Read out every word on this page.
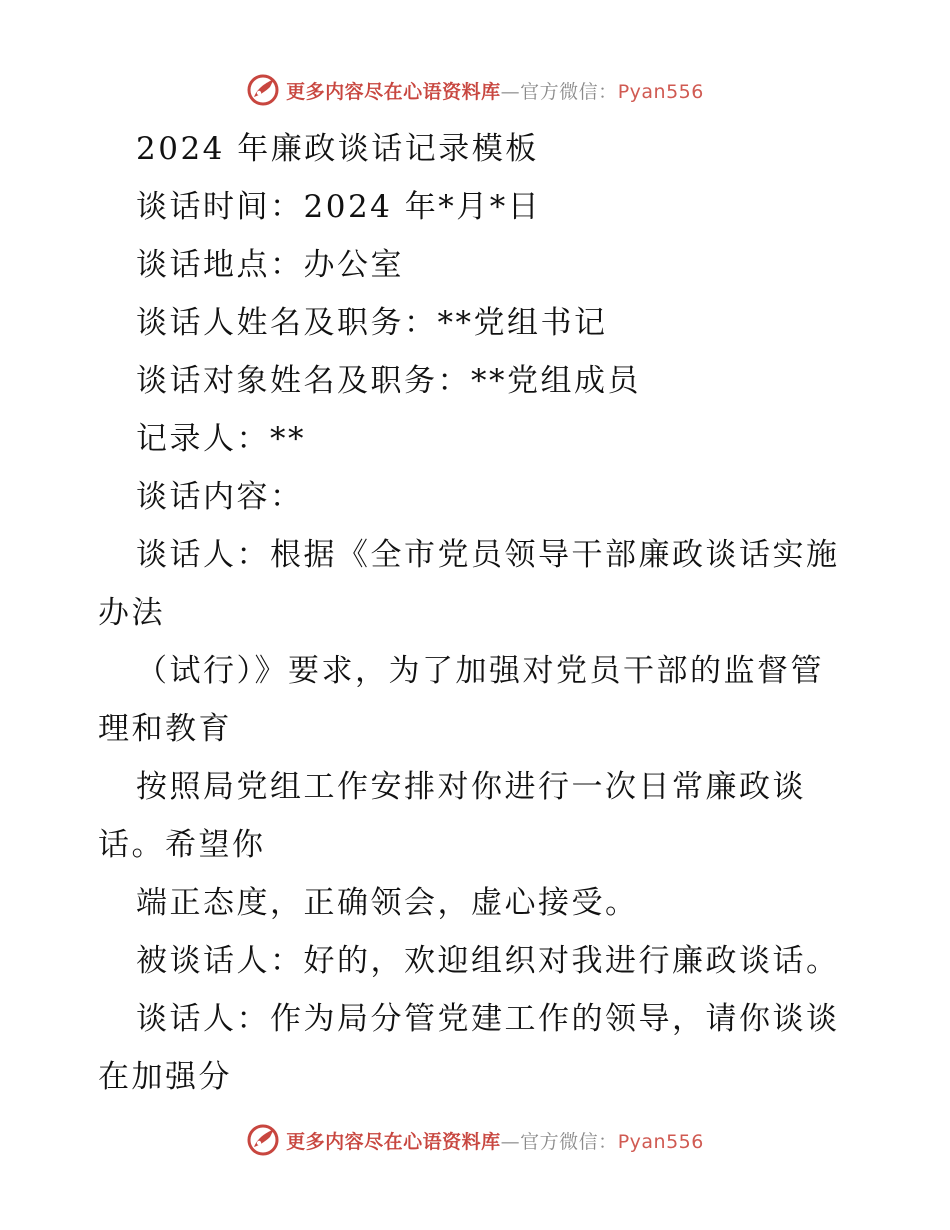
更多内容尽在心语资料库—官方微信：Pyan556
2024 年廉政谈话记录模板
谈话时间：2024 年*月*日
谈话地点：办公室
谈话人姓名及职务：**党组书记
谈话对象姓名及职务：**党组成员
记录人：**
谈话内容：
谈话人：根据《全市党员领导干部廉政谈话实施
办法
（试行）》要求，为了加强对党员干部的监督管
理和教育
按照局党组工作安排对你进行一次日常廉政谈
话。希望你
端正态度，正确领会，虚心接受。
被谈话人：好的，欢迎组织对我进行廉政谈话。
谈话人：作为局分管党建工作的领导，请你谈谈
在加强分
更多内容尽在心语资料库—官方微信：Pyan556
